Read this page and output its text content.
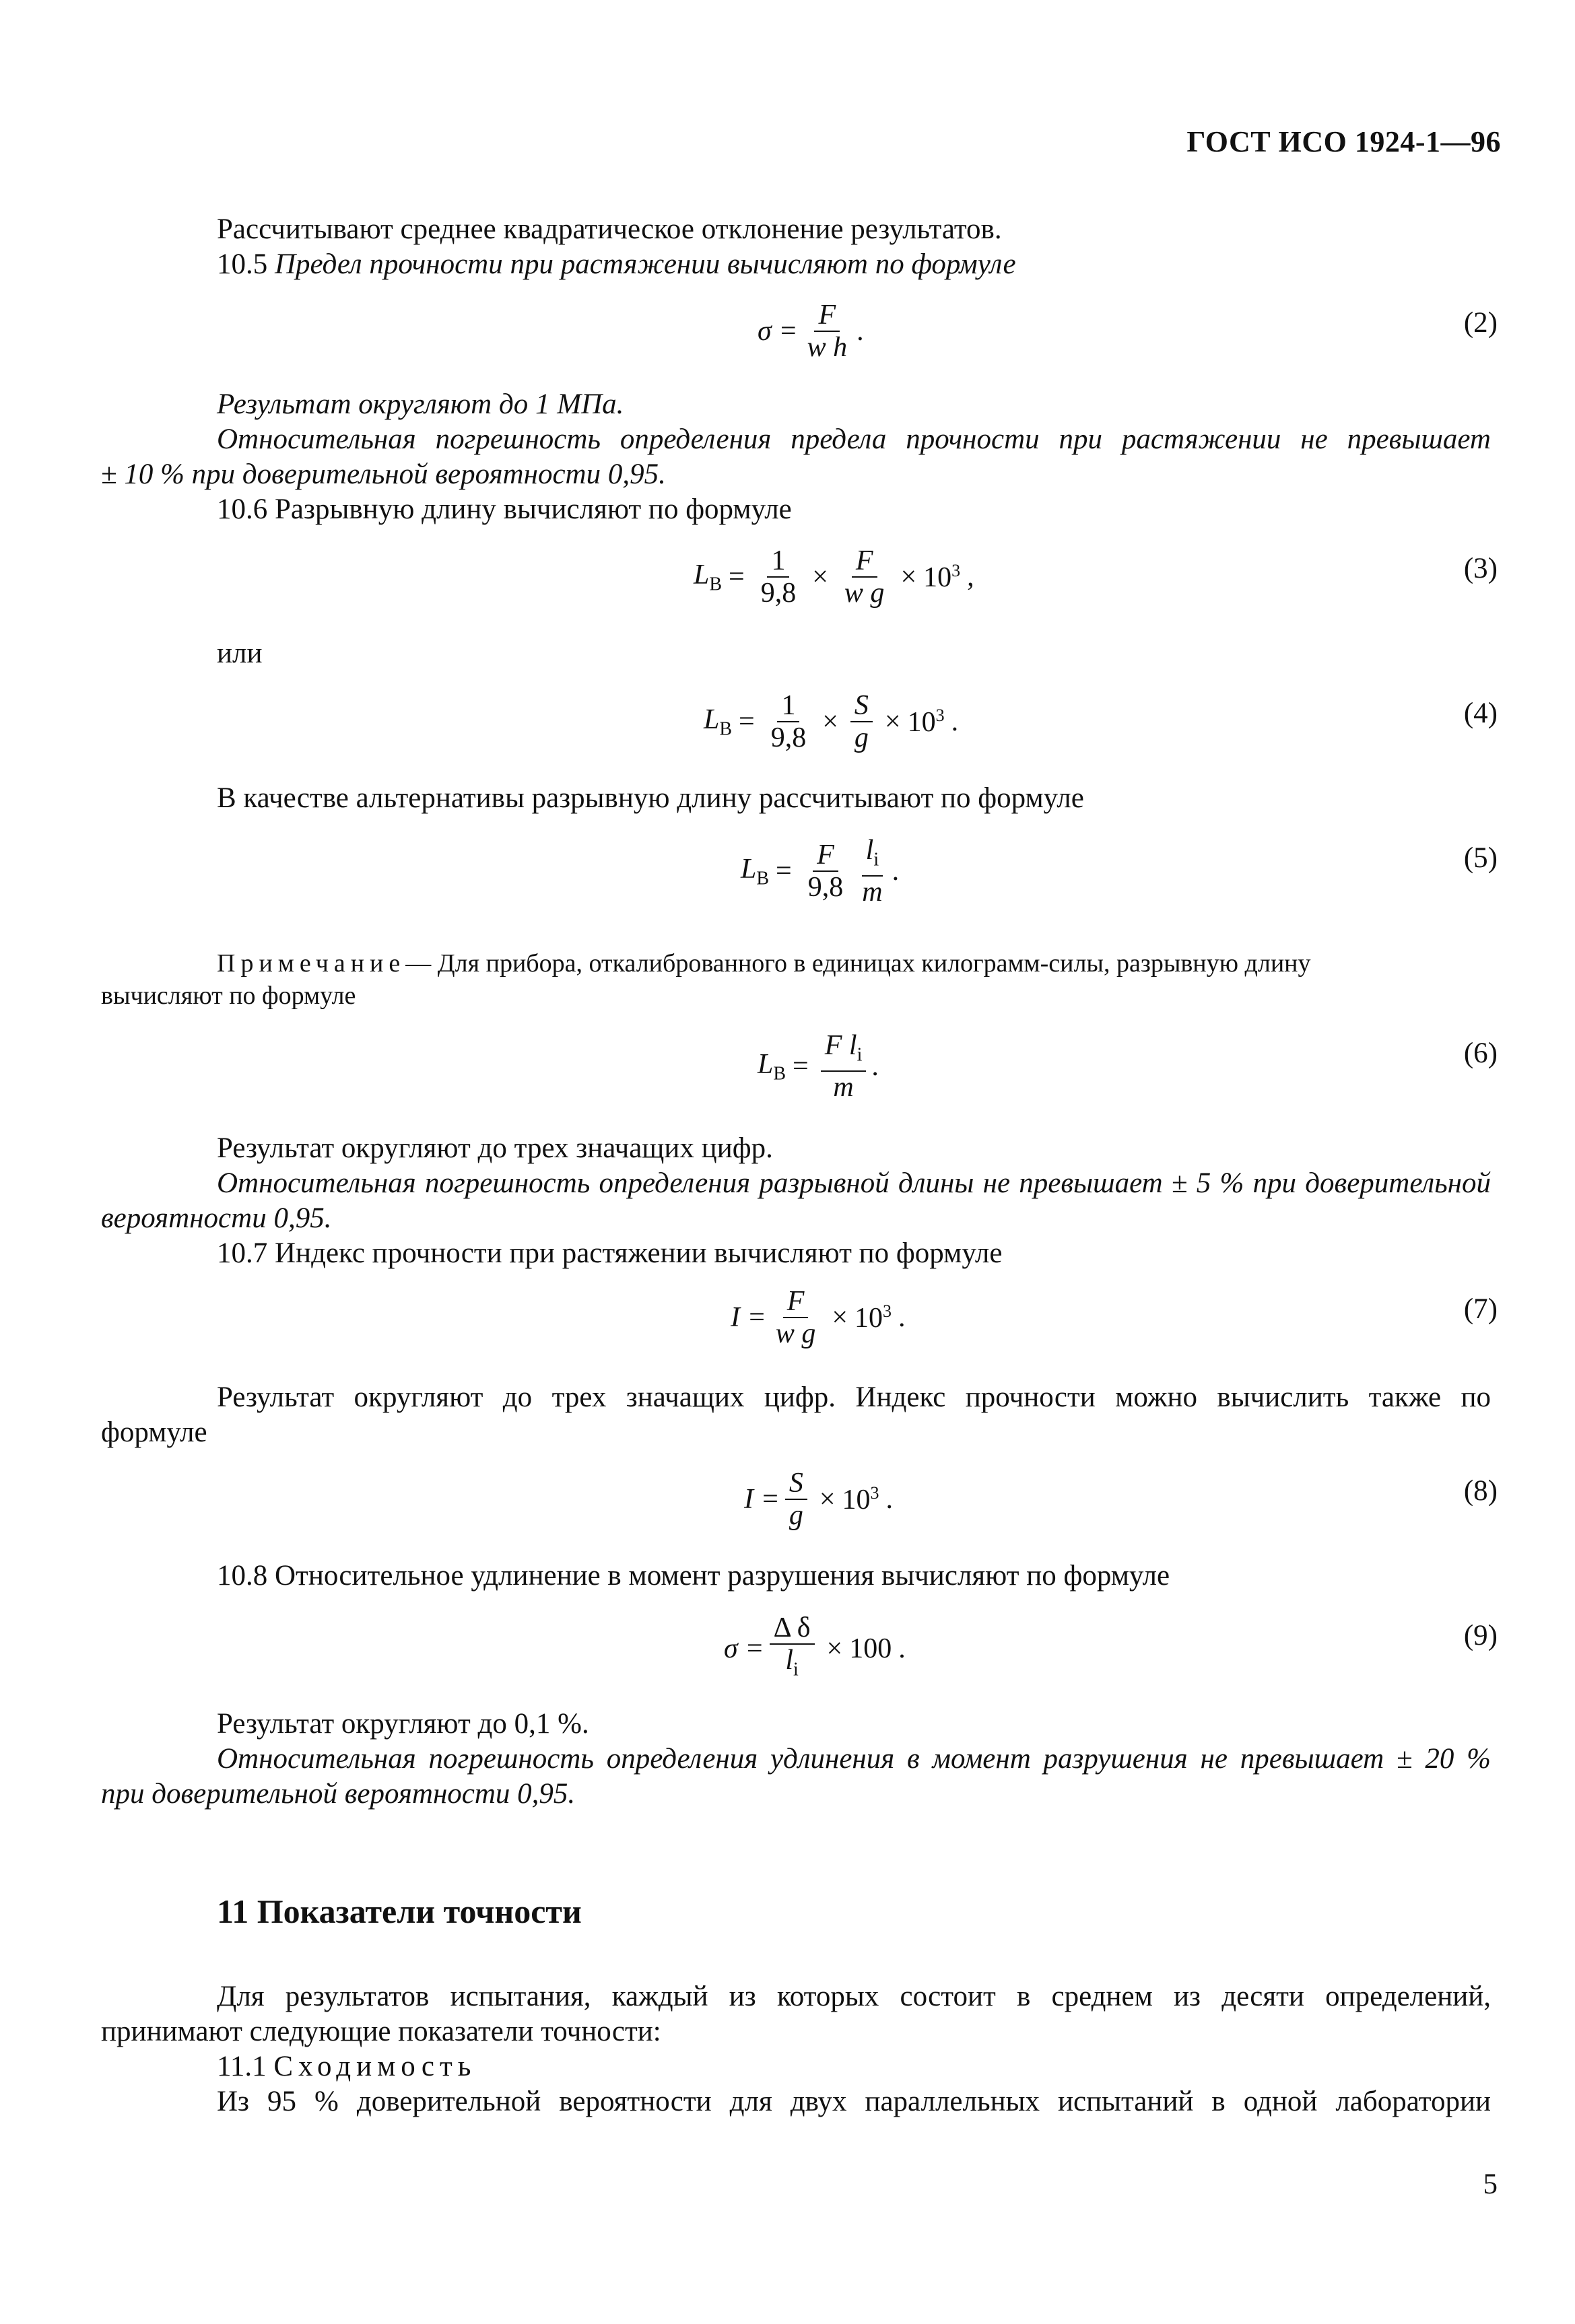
ГОСТ ИСО 1924-1—96
Рассчитывают среднее квадратическое отклонение результатов.
10.5 Предел прочности при растяжении вычисляют по формуле
$\sigma = \frac{F}{\text{w h}}$ .	(2)
Результат округляют до 1 МПа.
Относительная погрешность определения предела прочности при растяжении не превышает
± 10 % при доверительной вероятности 0,95.
10.6 Разрывную длину вычисляют по формуле
$L_B = \frac{1}{9,8} \times \frac{F}{\text{w g}} \times 10^3$ ,	(3)
или
$L_B = \frac{1}{9,8} \times \frac{S}{g} \times 10^3$ .	(4)
В качестве альтернативы разрывную длину рассчитывают по формуле
$L_B = \frac{F}{9,8} \frac{l_i}{m}$ .	(5)
Примечание— Для прибора, откалиброванного в единицах килограмм-силы, разрывную длину
вычисляют по формуле
$L_B = \frac{F l_i}{m}$ .	(6)
Результат округляют до трех значащих цифр.
Относительная погрешность определения разрывной длины не превышает ± 5 % при доверительной
вероятности 0,95.
10.7 Индекс прочности при растяжении вычисляют по формуле
$I = \frac{F}{\text{w g}} \times 10^3$ .	(7)
Результат округляют до трех значащих цифр. Индекс прочности можно вычислить также по
формуле
$I = \frac{S}{g} \times 10^3$ .	(8)
10.8 Относительное удлинение в момент разрушения вычисляют по формуле
$\sigma = \frac{\text{Δ δ}}{l_i} \times 100$ .	(9)
Результат округляют до 0,1 %.
Относительная погрешность определения удлинения в момент разрушения не превышает ± 20 %
при доверительной вероятности 0,95.
11 Показатели точности
Для результатов испытания, каждый из которых состоит в среднем из десяти определений,
принимают следующие показатели точности:
11.1 Сходимость
Из 95 % доверительной вероятности для двух параллельных испытаний в одной лаборатории
5
